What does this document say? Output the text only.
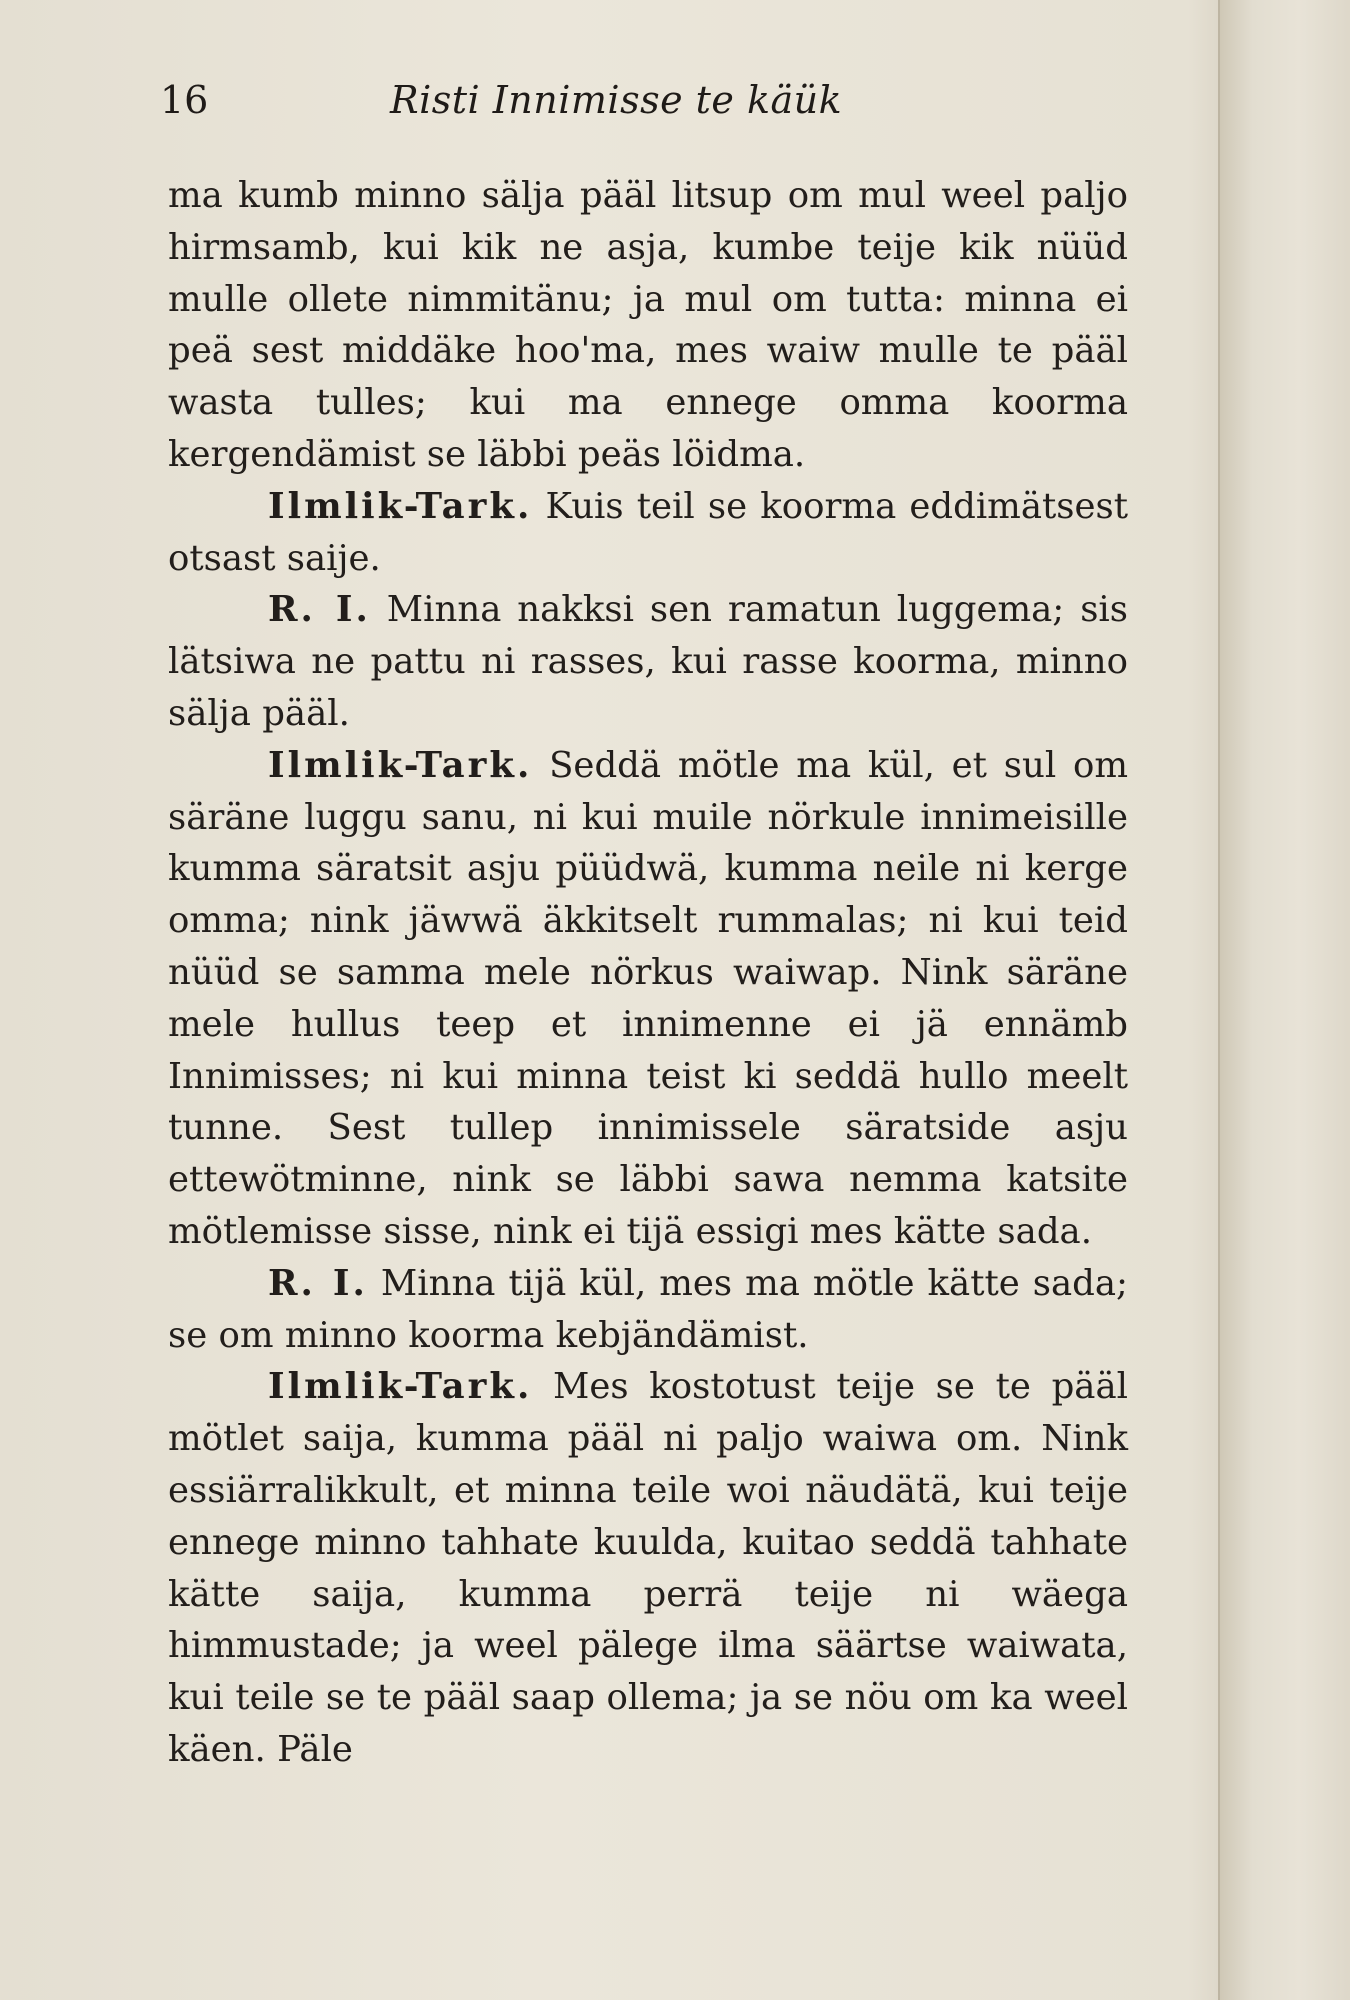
16	Risti Innimisse te käük

ma kumb minno sälja pääl litsup om mul weel paljo hirmsamb, kui kik ne asja, kumbe teije kik nüüd mulle ollete nimmitänu; ja mul om tutta: minna ei peä sest middäke hoo'ma, mes waiw mulle te pääl wasta tulles; kui ma ennege omma koorma kergendämist se läbbi peäs löidma.

Ilmlik-Tark. Kuis teil se koorma eddimätsest otsast saije.

R. I. Minna nakksi sen ramatun luggema; sis lätsiwa ne pattu ni rasses, kui rasse koorma, minno sälja pääl.

Ilmlik-Tark. Seddä mötle ma kül, et sul om säräne luggu sanu, ni kui muile nörkule innimeisille kumma säratsit asju püüdwä, kumma neile ni kerge omma; nink jäwwä äkkitselt rummalas; ni kui teid nüüd se samma mele nörkus waiwap. Nink säräne mele hullus teep et innimenne ei jä ennämb Innimisses; ni kui minna teist ki seddä hullo meelt tunne. Sest tullep innimissele säratside asju ettewötminne, nink se läbbi sawa nemma katsite mötlemisse sisse, nink ei tijä essigi mes kätte sada.

R. I. Minna tijä kül, mes ma mötle kätte sada; se om minno koorma kebjändämist.

Ilmlik-Tark. Mes kostotust teije se te pääl mötlet saija, kumma pääl ni paljo waiwa om. Nink essiärralikkult, et minna teile woi näudätä, kui teije ennege minno tahhate kuulda, kuitao seddä tahhate kätte saija, kumma perrä teije ni wäega himmustade; ja weel pälege ilma säärtse waiwata, kui teile se te pääl saap ollema; ja se nöu om ka weel käen. Päle
